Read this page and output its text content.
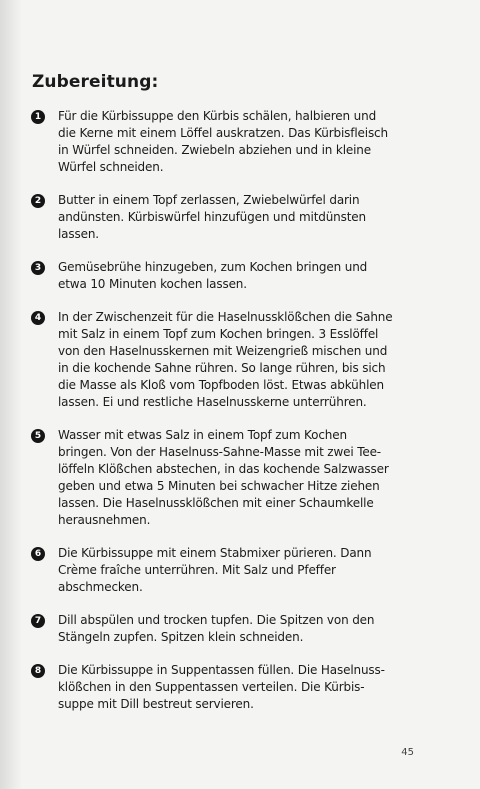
Zubereitung:
1	Für die Kürbissuppe den Kürbis schälen, halbieren und
die Kerne mit einem Löffel auskratzen. Das Kürbisfleisch
in Würfel schneiden. Zwiebeln abziehen und in kleine
Würfel schneiden.
2	Butter in einem Topf zerlassen, Zwiebelwürfel darin
andünsten. Kürbiswürfel hinzufügen und mitdünsten
lassen.
3	Gemüsebrühe hinzugeben, zum Kochen bringen und
etwa 10 Minuten kochen lassen.
4	In der Zwischenzeit für die Haselnussklößchen die Sahne
mit Salz in einem Topf zum Kochen bringen. 3 Esslöffel
von den Haselnusskernen mit Weizengrieß mischen und
in die kochende Sahne rühren. So lange rühren, bis sich
die Masse als Kloß vom Topfboden löst. Etwas abkühlen
lassen. Ei und restliche Haselnusskerne unterrühren.
5	Wasser mit etwas Salz in einem Topf zum Kochen
bringen. Von der Haselnuss-Sahne-Masse mit zwei Tee-
löffeln Klößchen abstechen, in das kochende Salzwasser
geben und etwa 5 Minuten bei schwacher Hitze ziehen
lassen. Die Haselnussklößchen mit einer Schaumkelle
herausnehmen.
6	Die Kürbissuppe mit einem Stabmixer pürieren. Dann
Crème fraîche unterrühren. Mit Salz und Pfeffer
abschmecken.
7	Dill abspülen und trocken tupfen. Die Spitzen von den
Stängeln zupfen. Spitzen klein schneiden.
8	Die Kürbissuppe in Suppentassen füllen. Die Haselnuss-
klößchen in den Suppentassen verteilen. Die Kürbis-
suppe mit Dill bestreut servieren.
45
